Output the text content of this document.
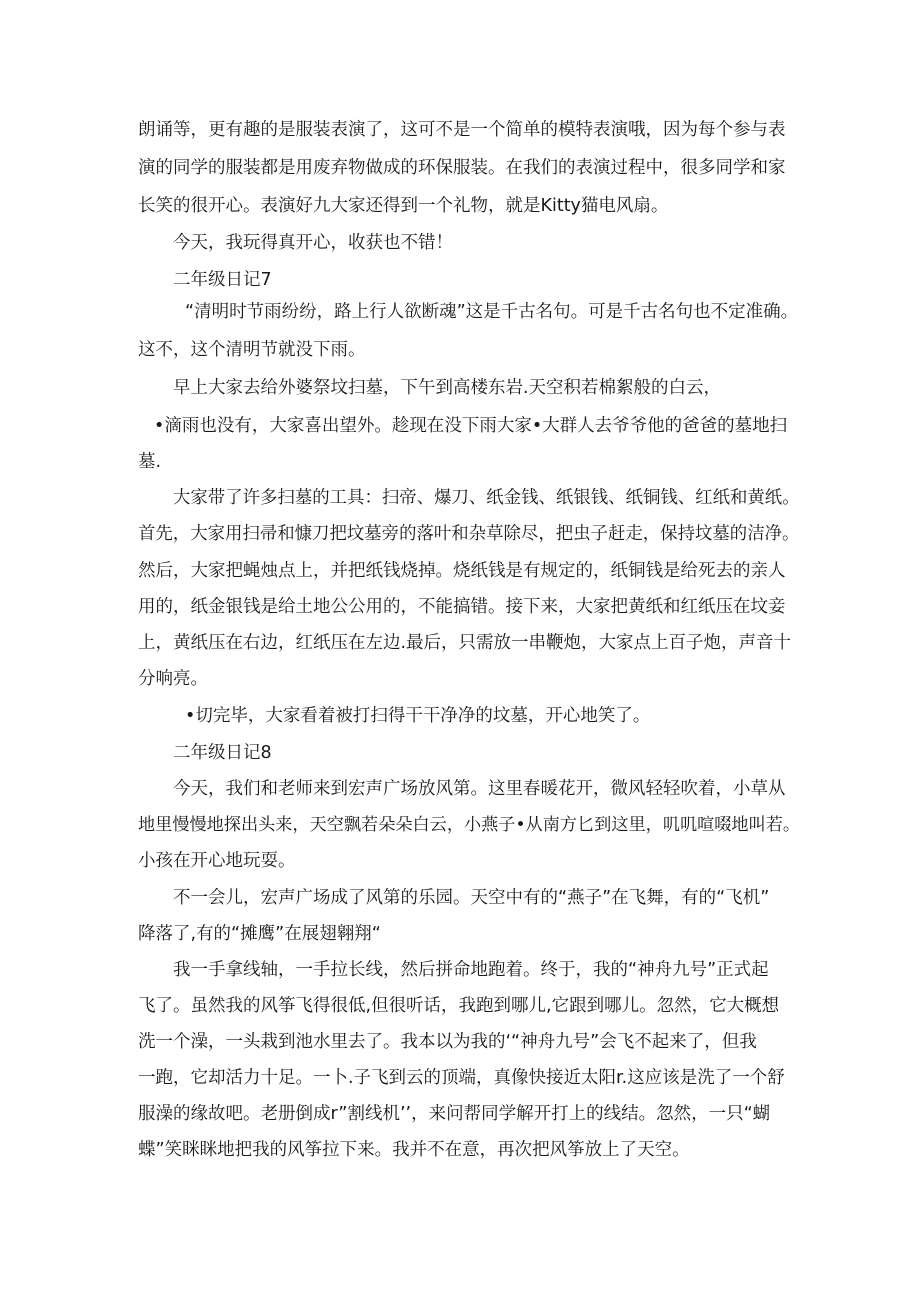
朗诵等，更有趣的是服装表演了，这可不是一个简单的模特表演哦，因为每个参与表

演的同学的服装都是用废弃物做成的环保服装。在我们的表演过程中，很多同学和家

长笑的很开心。表演好九大家还得到一个礼物，就是Kitty猫电风扇。

今天，我玩得真开心，收获也不错！

二年级日记7

“清明时节雨纷纷，路上行人欲断魂”这是千古名句。可是千古名句也不定准确。

这不，这个清明节就没下雨。

早上大家去给外婆祭坟扫墓，下午到高楼东岩.天空积若棉絮般的白云，

•滴雨也没有，大家喜出望外。趁现在没下雨大家•大群人去爷爷他的爸爸的墓地扫

墓.

大家带了许多扫墓的工具：扫帝、爆刀、纸金钱、纸银钱、纸铜钱、红纸和黄纸。

首先，大家用扫帚和慷刀把坟墓旁的落叶和杂草除尽，把虫子赶走，保持坟墓的洁净。

然后，大家把蝇烛点上，并把纸钱烧掉。烧纸钱是有规定的，纸铜钱是给死去的亲人

用的，纸金银钱是给土地公公用的，不能搞错。接下来，大家把黄纸和红纸压在坟妾

上，黄纸压在右边，红纸压在左边.最后，只需放一串鞭炮，大家点上百子炮，声音十

分响亮。

•切完毕，大家看着被打扫得干干净净的坟墓，开心地笑了。

二年级日记8

今天，我们和老师来到宏声广场放风第。这里春暖花开，微风轻轻吹着，小草从

地里慢慢地探出头来，天空飘若朵朵白云，小燕子•从南方匕到这里，叽叽喧啜地叫若。

小孩在开心地玩耍。

不一会儿，宏声广场成了风第的乐园。天空中有的“燕子”在飞舞，有的“飞机”

降落了,有的“摊鹰”在展翅翱翔“

我一手拿线轴，一手拉长线，然后拼命地跑着。终于，我的“神舟九号”正式起

飞了。虽然我的风筝飞得很低,但很听话，我跑到哪儿,它跟到哪儿。忽然，它大概想

洗一个澡，一头栽到池水里去了。我本以为我的‘“神舟九号”会飞不起来了，但我

一跑，它却活力十足。一卜.子飞到云的顶端，真像快接近太阳r.这应该是洗了一个舒

服澡的缘故吧。老册倒成r”割线机’’，来问帮同学解开打上的线结。忽然，一只“蝴

蝶”笑眯眯地把我的风筝拉下来。我并不在意，再次把风筝放上了天空。
